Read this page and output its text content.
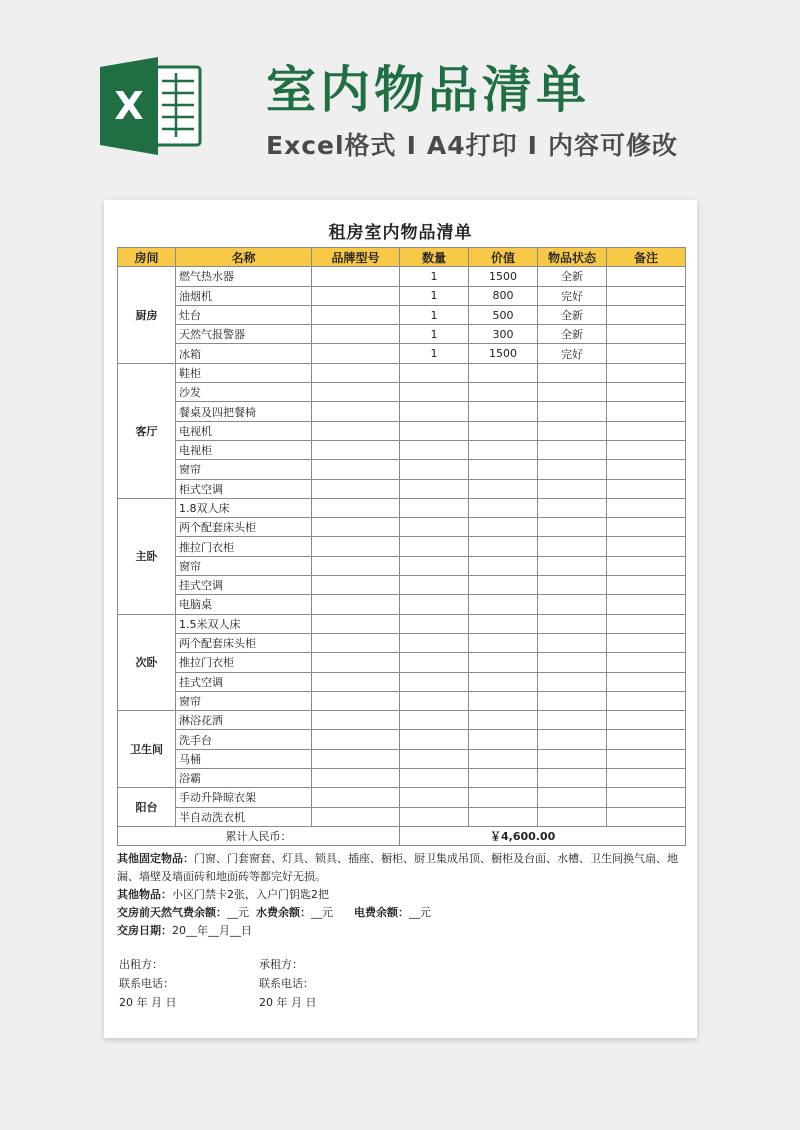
X 室内物品清单
Excel格式 I A4打印 I 内容可修改
租房室内物品清单
房间	名称	品牌型号	数量	价值	物品状态	备注
厨房	燃气热水器		1	1500	全新	
	油烟机		1	800	完好	
	灶台		1	500	全新	
	天然气报警器		1	300	全新	
	冰箱		1	1500	完好	
客厅	鞋柜					
	沙发					
	餐桌及四把餐椅					
	电视机					
	电视柜					
	窗帘					
	柜式空调					
主卧	1.8双人床					
	两个配套床头柜					
	推拉门衣柜					
	窗帘					
	挂式空调					
	电脑桌					
次卧	1.5米双人床					
	两个配套床头柜					
	推拉门衣柜					
	挂式空调					
	窗帘					
卫生间	淋浴花洒					
	洗手台					
	马桶					
	浴霸					
阳台	手动升降晾衣架					
	半自动洗衣机					
累计人民币：			￥4,600.00			
其他固定物品：门窗、门套窗套、灯具、锁具、插座、橱柜、厨卫集成吊顶、橱柜及台面、水槽、卫生间换气扇、地漏、墙壁及墙面砖和地面砖等都完好无损。
其他物品：小区门禁卡2张，入户门钥匙2把
交房前天然气费余额：__元 水费余额：__元 电费余额：__元
交房日期：20__年__月__日
出租方：
联系电话：
20 年 月 日
承租方：
联系电话：
20 年 月 日
